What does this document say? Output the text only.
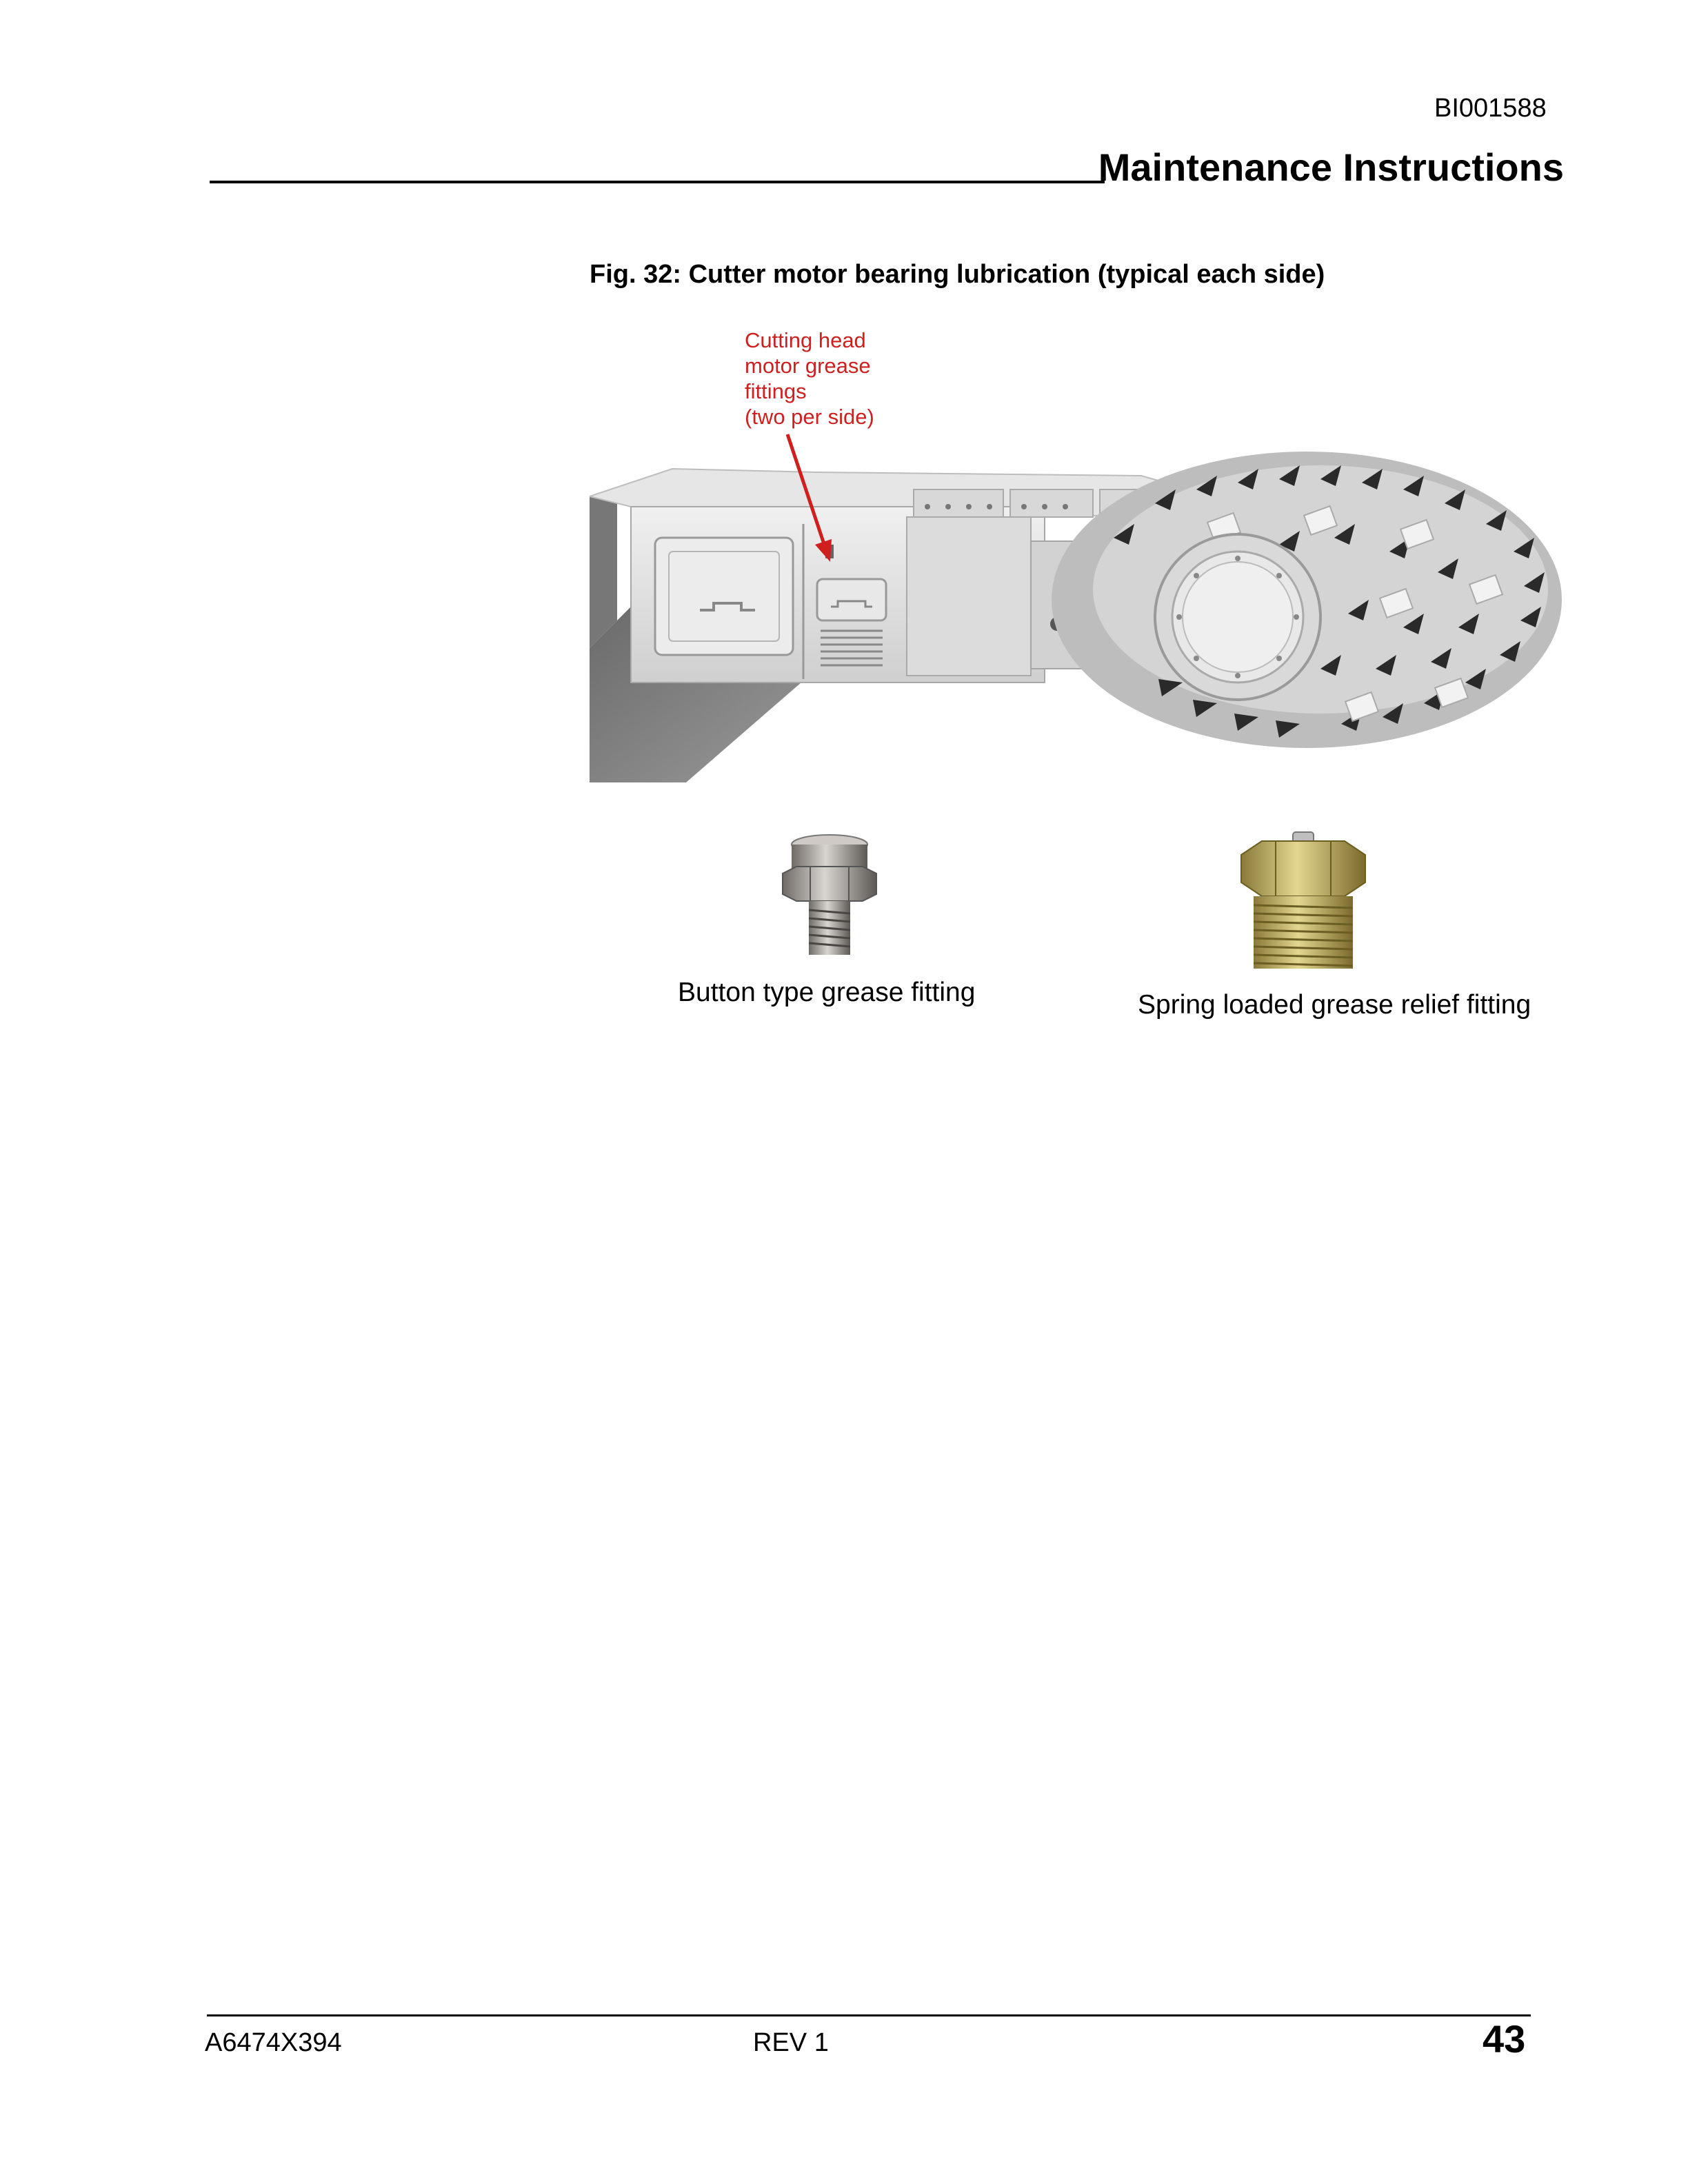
BI001588
Maintenance Instructions
Fig. 32: Cutter motor bearing lubrication (typical each side)
Cutting head
motor grease
fittings
(two per side)
Button type grease fitting	Spring loaded grease relief fitting
A6474X394	REV 1	43
